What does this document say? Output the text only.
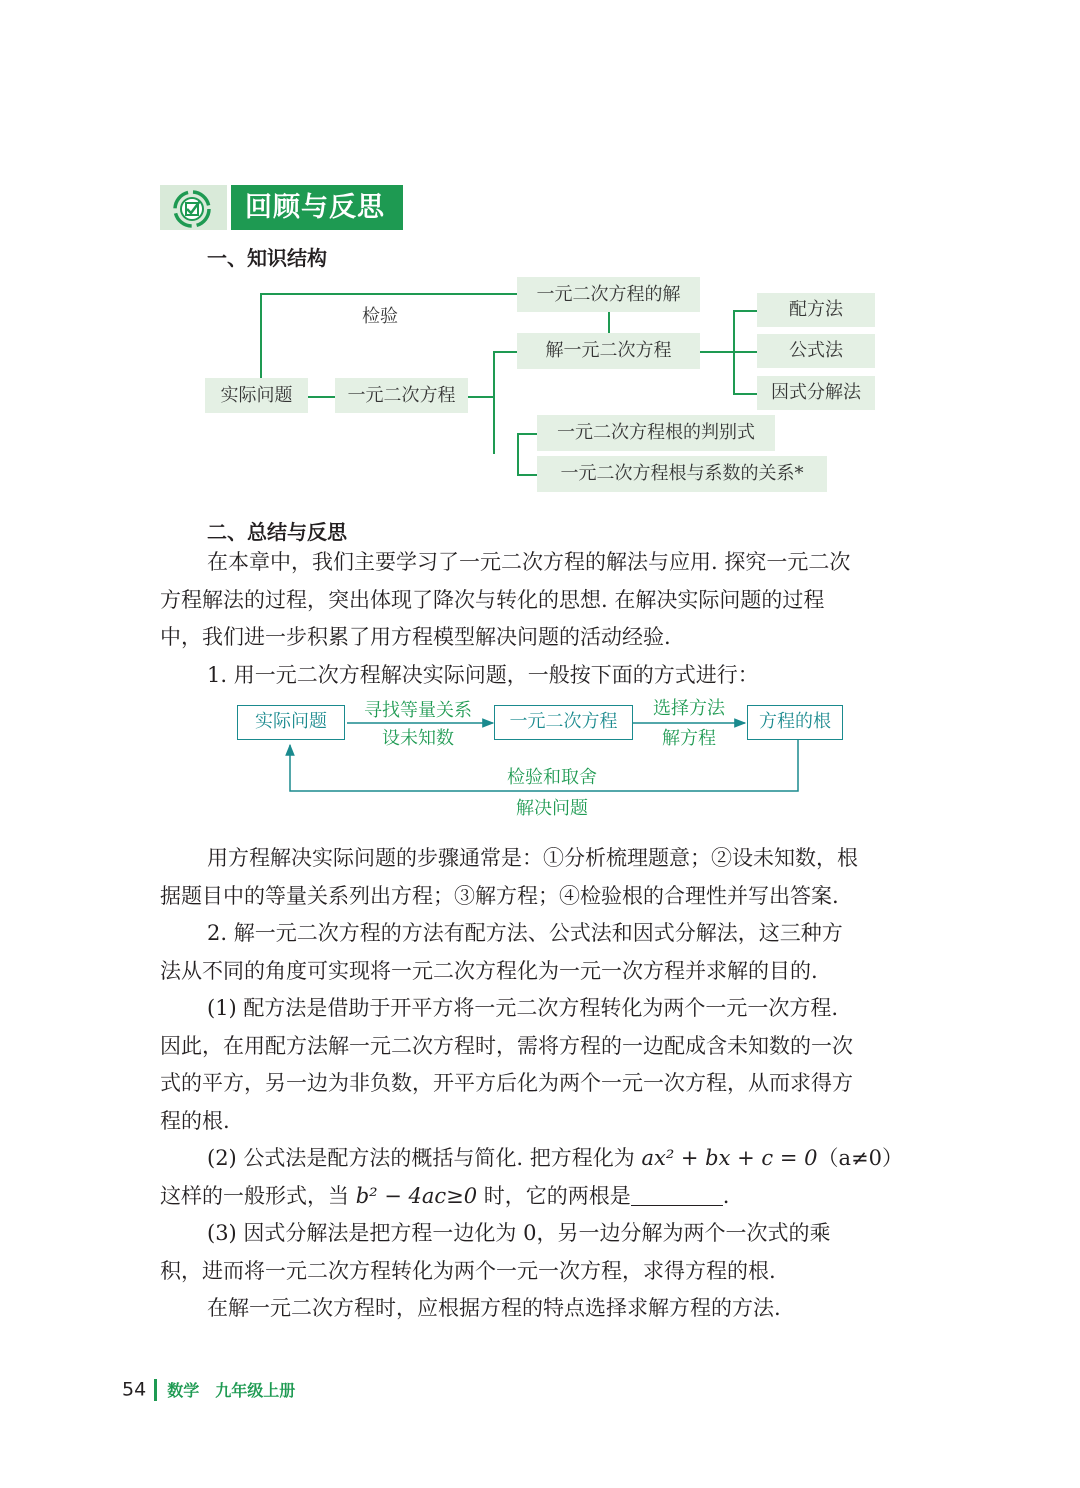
回顾与反思
一、知识结构
一元二次方程的解
检验
解一元二次方程
配方法
公式法
因式分解法
实际问题	一元二次方程
一元二次方程根的判别式
一元二次方程根与系数的关系*
二、总结与反思

在本章中，我们主要学习了一元二次方程的解法与应用. 探究一元二次

方程解法的过程，突出体现了降次与转化的思想. 在解决实际问题的过程

中，我们进一步积累了用方程模型解决问题的活动经验.

1. 用一元二次方程解决实际问题，一般按下面的方式进行：

实际问题	一元二次方程	方程的根
寻找等量关系
设未知数
选择方法
解方程
检验和取舍
解决问题

用方程解决实际问题的步骤通常是：①分析梳理题意；②设未知数，根

据题目中的等量关系列出方程；③解方程；④检验根的合理性并写出答案.

2. 解一元二次方程的方法有配方法、公式法和因式分解法，这三种方

法从不同的角度可实现将一元二次方程化为一元一次方程并求解的目的.

(1) 配方法是借助于开平方将一元二次方程转化为两个一元一次方程.

因此，在用配方法解一元二次方程时，需将方程的一边配成含未知数的一次

式的平方，另一边为非负数，开平方后化为两个一元一次方程，从而求得方

程的根.

(2) 公式法是配方法的概括与简化. 把方程化为 ax² + bx + c = 0（a≠0）

这样的一般形式，当 b² − 4ac≥0 时，它的两根是	.

(3) 因式分解法是把方程一边化为 0，另一边分解为两个一次式的乘

积，进而将一元二次方程转化为两个一元一次方程，求得方程的根.

在解一元二次方程时，应根据方程的特点选择求解方程的方法.

54 数学　九年级上册
